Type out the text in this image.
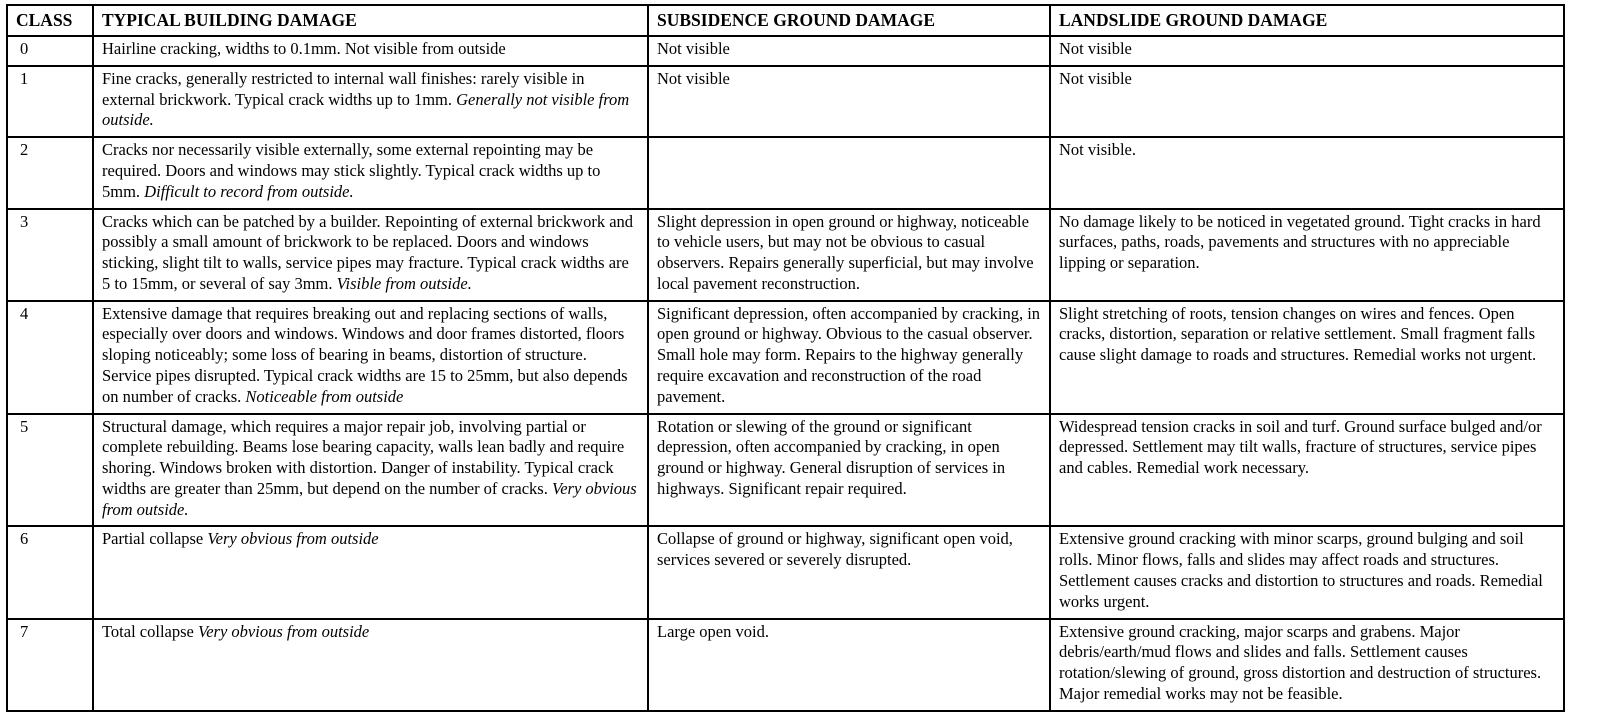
CLASS	TYPICAL BUILDING DAMAGE	SUBSIDENCE GROUND DAMAGE	LANDSLIDE GROUND DAMAGE
0	Hairline cracking, widths to 0.1mm. Not visible from outside	Not visible	Not visible
1	Fine cracks, generally restricted to internal wall finishes: rarely visible in external brickwork. Typical crack widths up to 1mm. Generally not visible from outside.	Not visible	Not visible
2	Cracks nor necessarily visible externally, some external repointing may be required. Doors and windows may stick slightly. Typical crack widths up to 5mm. Difficult to record from outside.		Not visible.
3	Cracks which can be patched by a builder. Repointing of external brickwork and possibly a small amount of brickwork to be replaced. Doors and windows sticking, slight tilt to walls, service pipes may fracture. Typical crack widths are 5 to 15mm, or several of say 3mm. Visible from outside.	Slight depression in open ground or highway, noticeable to vehicle users, but may not be obvious to casual observers. Repairs generally superficial, but may involve local pavement reconstruction.	No damage likely to be noticed in vegetated ground. Tight cracks in hard surfaces, paths, roads, pavements and structures with no appreciable lipping or separation.
4	Extensive damage that requires breaking out and replacing sections of walls, especially over doors and windows. Windows and door frames distorted, floors sloping noticeably; some loss of bearing in beams, distortion of structure. Service pipes disrupted. Typical crack widths are 15 to 25mm, but also depends on number of cracks. Noticeable from outside	Significant depression, often accompanied by cracking, in open ground or highway. Obvious to the casual observer. Small hole may form. Repairs to the highway generally require excavation and reconstruction of the road pavement.	Slight stretching of roots, tension changes on wires and fences. Open cracks, distortion, separation or relative settlement. Small fragment falls cause slight damage to roads and structures. Remedial works not urgent.
5	Structural damage, which requires a major repair job, involving partial or complete rebuilding. Beams lose bearing capacity, walls lean badly and require shoring. Windows broken with distortion. Danger of instability. Typical crack widths are greater than 25mm, but depend on the number of cracks. Very obvious from outside.	Rotation or slewing of the ground or significant depression, often accompanied by cracking, in open ground or highway. General disruption of services in highways. Significant repair required.	Widespread tension cracks in soil and turf. Ground surface bulged and/or depressed. Settlement may tilt walls, fracture of structures, service pipes and cables. Remedial work necessary.
6	Partial collapse Very obvious from outside	Collapse of ground or highway, significant open void, services severed or severely disrupted.	Extensive ground cracking with minor scarps, ground bulging and soil rolls. Minor flows, falls and slides may affect roads and structures. Settlement causes cracks and distortion to structures and roads. Remedial works urgent.
7	Total collapse Very obvious from outside	Large open void.	Extensive ground cracking, major scarps and grabens. Major debris/earth/mud flows and slides and falls. Settlement causes rotation/slewing of ground, gross distortion and destruction of structures. Major remedial works may not be feasible.
